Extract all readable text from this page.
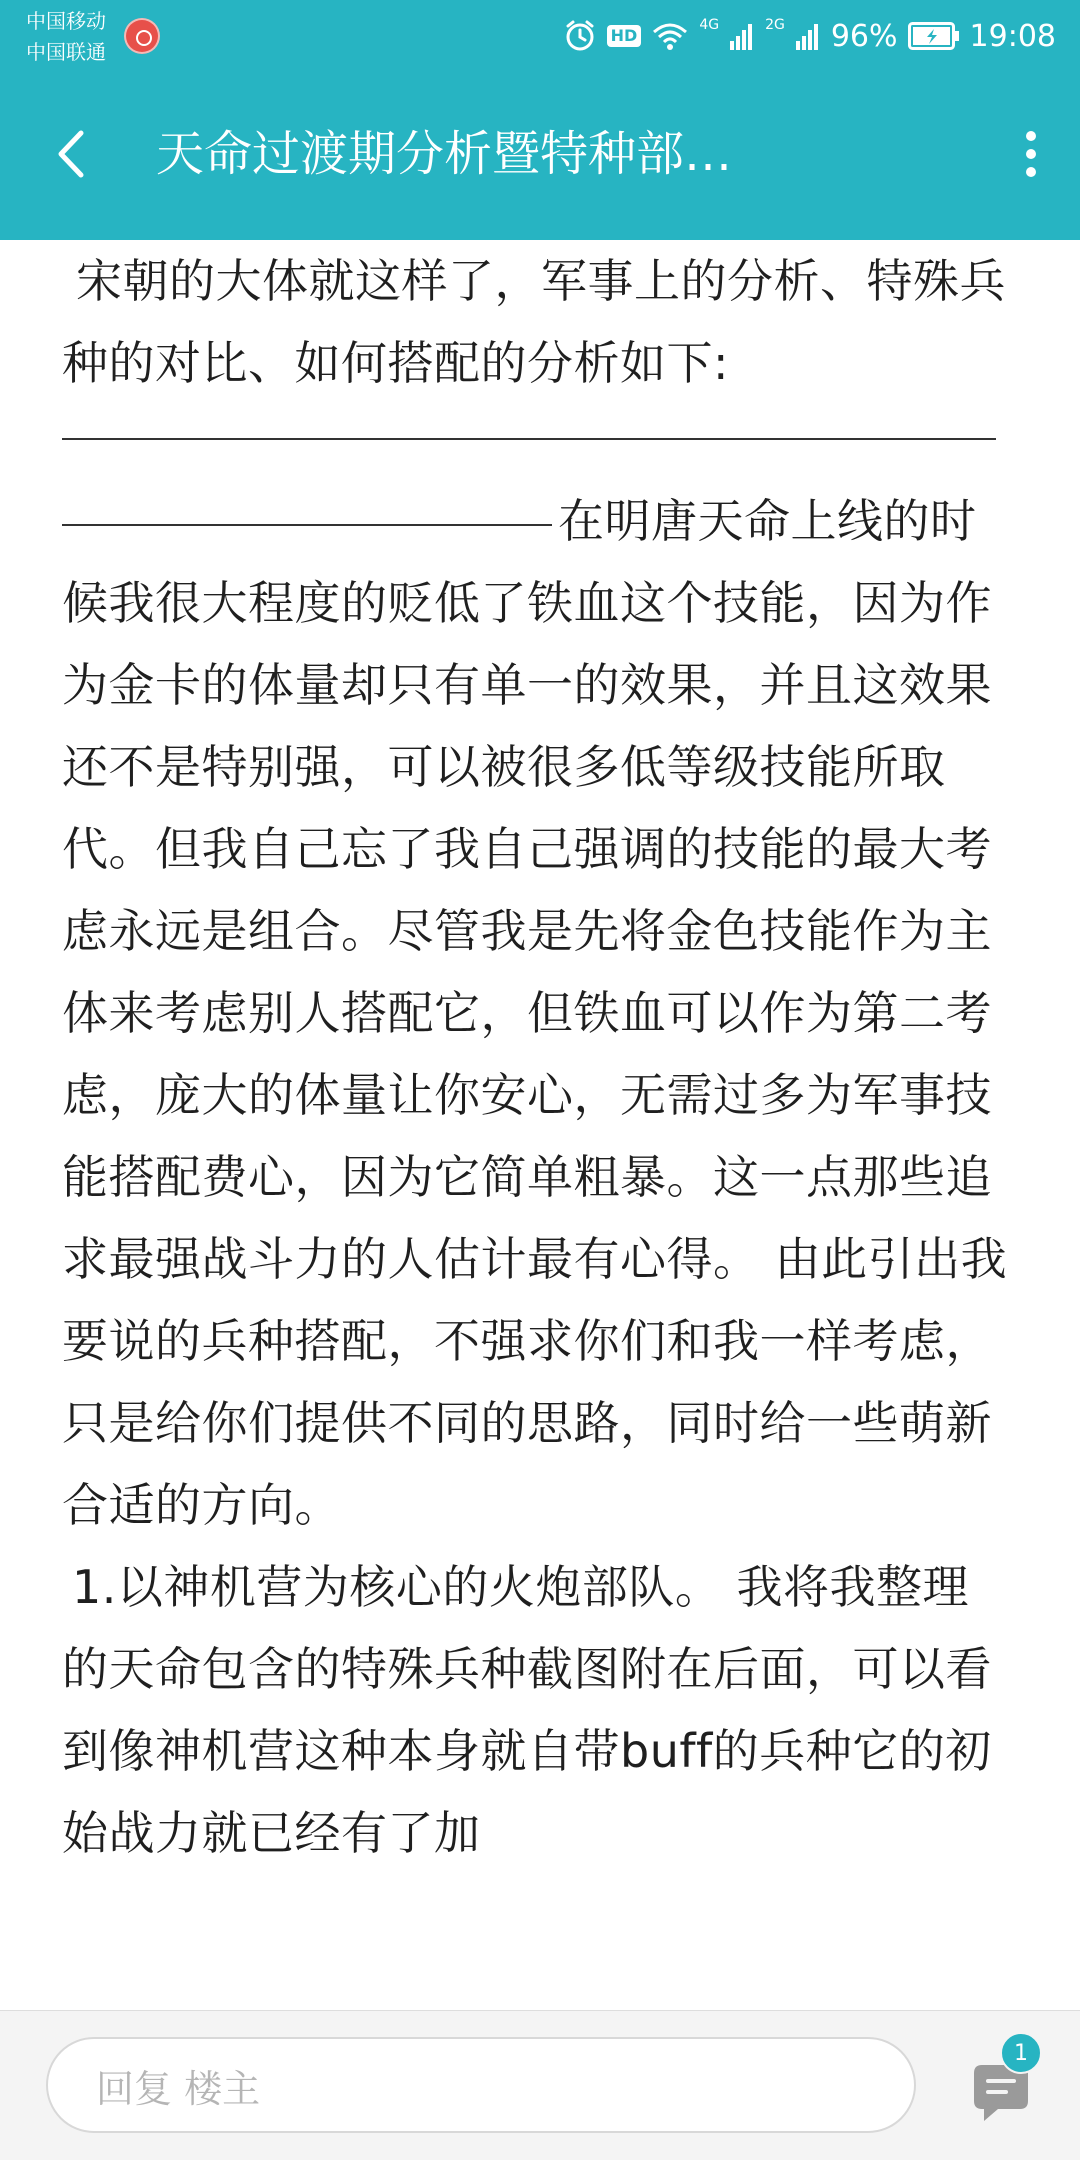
中国移动
中国联通
HD
4G	2G 96% 19:08
天命过渡期分析暨特种部…

宋朝的大体就这样了，军事上的分析、特殊兵种的对比、如何搭配的分析如下:

在明唐天命上线的时候我很大程度的贬低了铁血这个技能，因为作为金卡的体量却只有单一的效果，并且这效果还不是特别强，可以被很多低等级技能所取代。但我自己忘了我自己强调的技能的最大考虑永远是组合。尽管我是先将金色技能作为主体来考虑别人搭配它，但铁血可以作为第二考虑，庞大的体量让你安心，无需过多为军事技能搭配费心，因为它简单粗暴。这一点那些追求最强战斗力的人估计最有心得。 由此引出我要说的兵种搭配，不强求你们和我一样考虑，只是给你们提供不同的思路，同时给一些萌新合适的方向。

1.以神机营为核心的火炮部队。 我将我整理的天命包含的特殊兵种截图附在后面，可以看到像神机营这种本身就自带buff的兵种它的初始战力就已经有了加

回复 楼主
1
